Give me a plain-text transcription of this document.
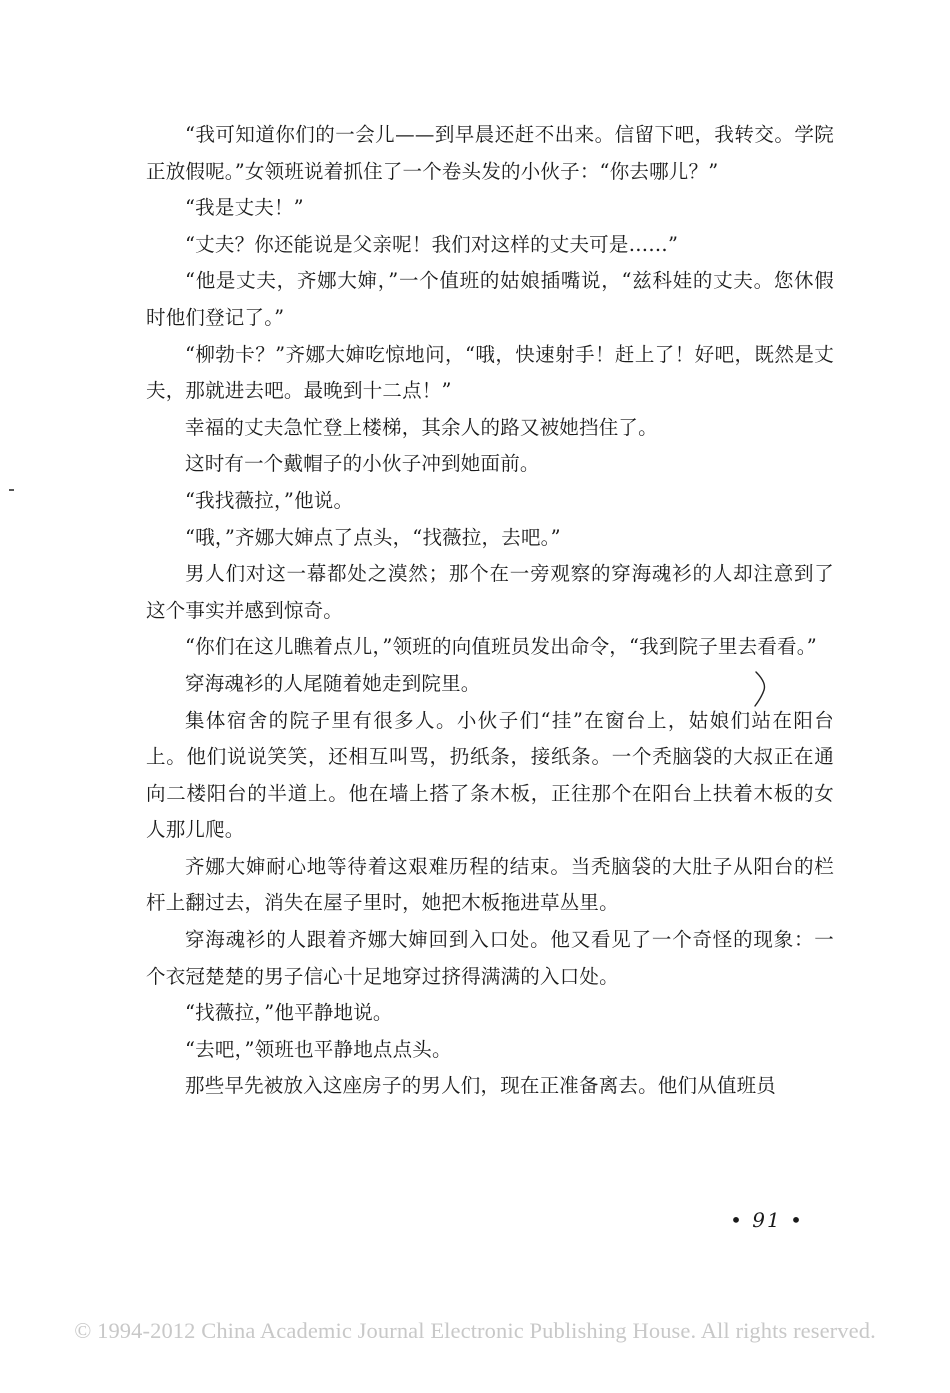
“我可知道你们的一会儿——到早晨还赶不出来。信留下吧，我转交。学院正放假呢。”女领班说着抓住了一个卷头发的小伙子：“你去哪儿？”

“我是丈夫！”

“丈夫？你还能说是父亲呢！我们对这样的丈夫可是……”

“他是丈夫，齐娜大婶，”一个值班的姑娘插嘴说，“兹科娃的丈夫。您休假时他们登记了。”

“柳勃卡？”齐娜大婶吃惊地问，“哦，快速射手！赶上了！好吧，既然是丈夫，那就进去吧。最晚到十二点！”

幸福的丈夫急忙登上楼梯，其余人的路又被她挡住了。

这时有一个戴帽子的小伙子冲到她面前。

“我找薇拉，”他说。

“哦，”齐娜大婶点了点头，“找薇拉，去吧。”

男人们对这一幕都处之漠然；那个在一旁观察的穿海魂衫的人却注意到了这个事实并感到惊奇。

“你们在这儿瞧着点儿，”领班的向值班员发出命令，“我到院子里去看看。”

穿海魂衫的人尾随着她走到院里。

集体宿舍的院子里有很多人。小伙子们“挂”在窗台上，姑娘们站在阳台上。他们说说笑笑，还相互叫骂，扔纸条，接纸条。一个秃脑袋的大叔正在通向二楼阳台的半道上。他在墙上搭了条木板，正往那个在阳台上扶着木板的女人那儿爬。

齐娜大婶耐心地等待着这艰难历程的结束。当秃脑袋的大肚子从阳台的栏杆上翻过去，消失在屋子里时，她把木板拖进草丛里。

穿海魂衫的人跟着齐娜大婶回到入口处。他又看见了一个奇怪的现象：一个衣冠楚楚的男子信心十足地穿过挤得满满的入口处。

“找薇拉，”他平静地说。

“去吧，”领班也平静地点点头。

那些早先被放入这座房子的男人们，现在正准备离去。他们从值班员

• 91 •
© 1994-2012 China Academic Journal Electronic Publishing House. All rights reserved.
